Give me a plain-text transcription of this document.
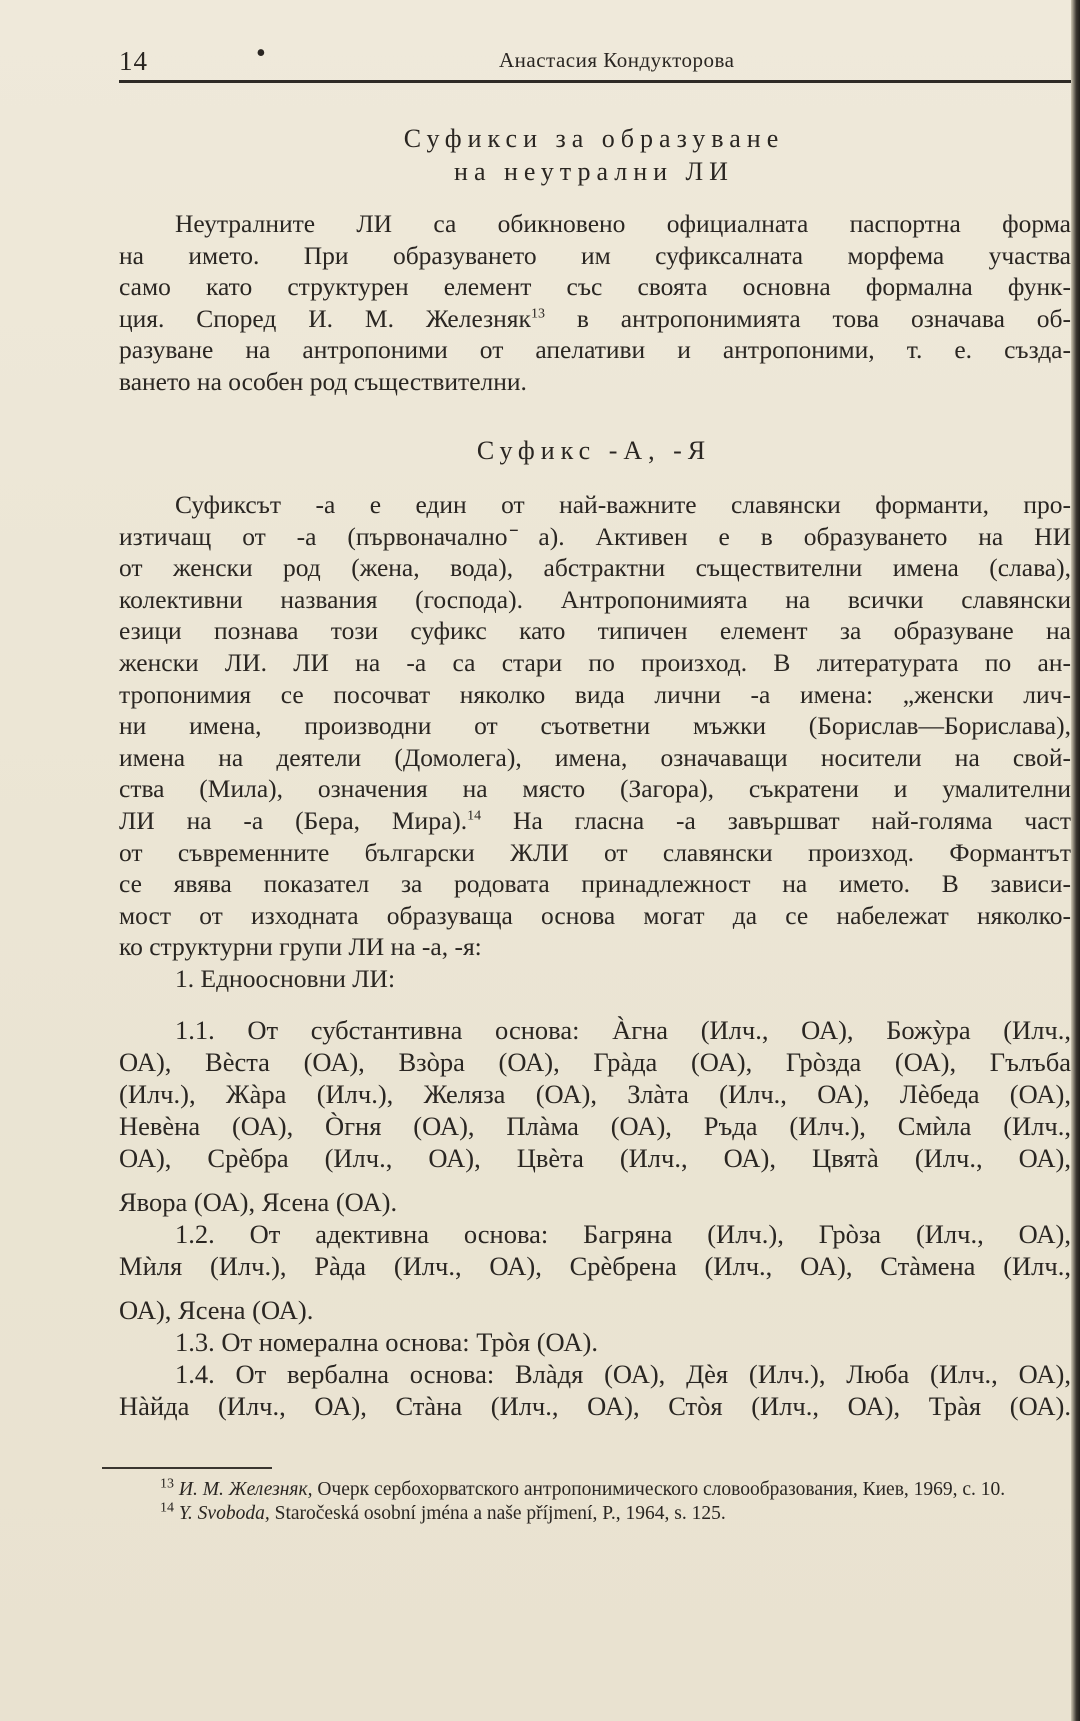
14	•	Анастасия Кондукторова
Суфикси за образуване
на неутрални ЛИ

Неутралните ЛИ са обикновено официалната паспортна форма

на името. При образуването им суфиксалната морфема участва

само като структурен елемент със своята основна формална функ-

ция. Според И. М. Железняк$^{13}$ в антропонимията това означава об-

разуване на антропоними от апелативи и антропоними, т. е. създа-

ването на особен род съществителни.

Суфикс -А, -Я

Суфиксът -а е един от най-важните славянски форманти, про-

изтичащ от -а (първоначално ̄а). Активен е в образуването на НИ

от женски род (жена, вода), абстрактни съществителни имена (слава),

колективни названия (господа). Антропонимията на всички славянски

езици познава този суфикс като типичен елемент за образуване на

женски ЛИ. ЛИ на -а са стари по произход. В литературата по ан-

тропонимия се посочват няколко вида лични -а имена: „женски лич-

ни имена, производни от съответни мъжки (Борислав—Борислава),

имена на деятели (Домолега), имена, означаващи носители на свой-

ства (Мила), означения на място (Загора), съкратени и умалителни

ЛИ на -а (Бера, Мира).$^{14}$ На гласна -а завършват най-голяма част

от съвременните български ЖЛИ от славянски произход. Формантът

се явява показател за родовата принадлежност на името. В зависи-

мост от изходната образуваща основа могат да се набележат няколко-

ко структурни групи ЛИ на -а, -я:

1. Едноосновни ЛИ:

1.1. От субстантивна основа: Àгна (Илч., ОА), Божỳра (Илч.,

ОА), Вѐста (ОА), Взòра (ОА), Грàда (ОА), Грòзда (ОА), Гълъба

(Илч.), Жàра (Илч.), Желяза (ОА), Злàта (Илч., ОА), Лѐбеда (ОА),

Невѐна (ОА), Òгня (ОА), Плàма (ОА), Ръда (Илч.), Смѝла (Илч.,

ОА), Срѐбра (Илч., ОА), Цвѐта (Илч., ОА), Цвятà (Илч., ОА),

Явора (ОА), Ясена (ОА).

1.2. От адективна основа: Багряна (Илч.), Грòза (Илч., ОА),

Мѝля (Илч.), Рàда (Илч., ОА), Срѐбрена (Илч., ОА), Стàмена (Илч.,

ОА), Ясена (ОА).

1.3. От номерална основа: Трòя (ОА).

1.4. От вербална основа: Влàдя (ОА), Дѐя (Илч.), Люба (Илч., ОА),

Нàйда (Илч., ОА), Стàна (Илч., ОА), Стòя (Илч., ОА), Трàя (ОА).

$^{13}$ И. М. Железняк, Очерк сербохорватского антропонимического словообразования, Киев, 1969, с. 10.

$^{14}$ Y. Svoboda, Staročeská osobní jména a naše příjmení, P., 1964, s. 125.
